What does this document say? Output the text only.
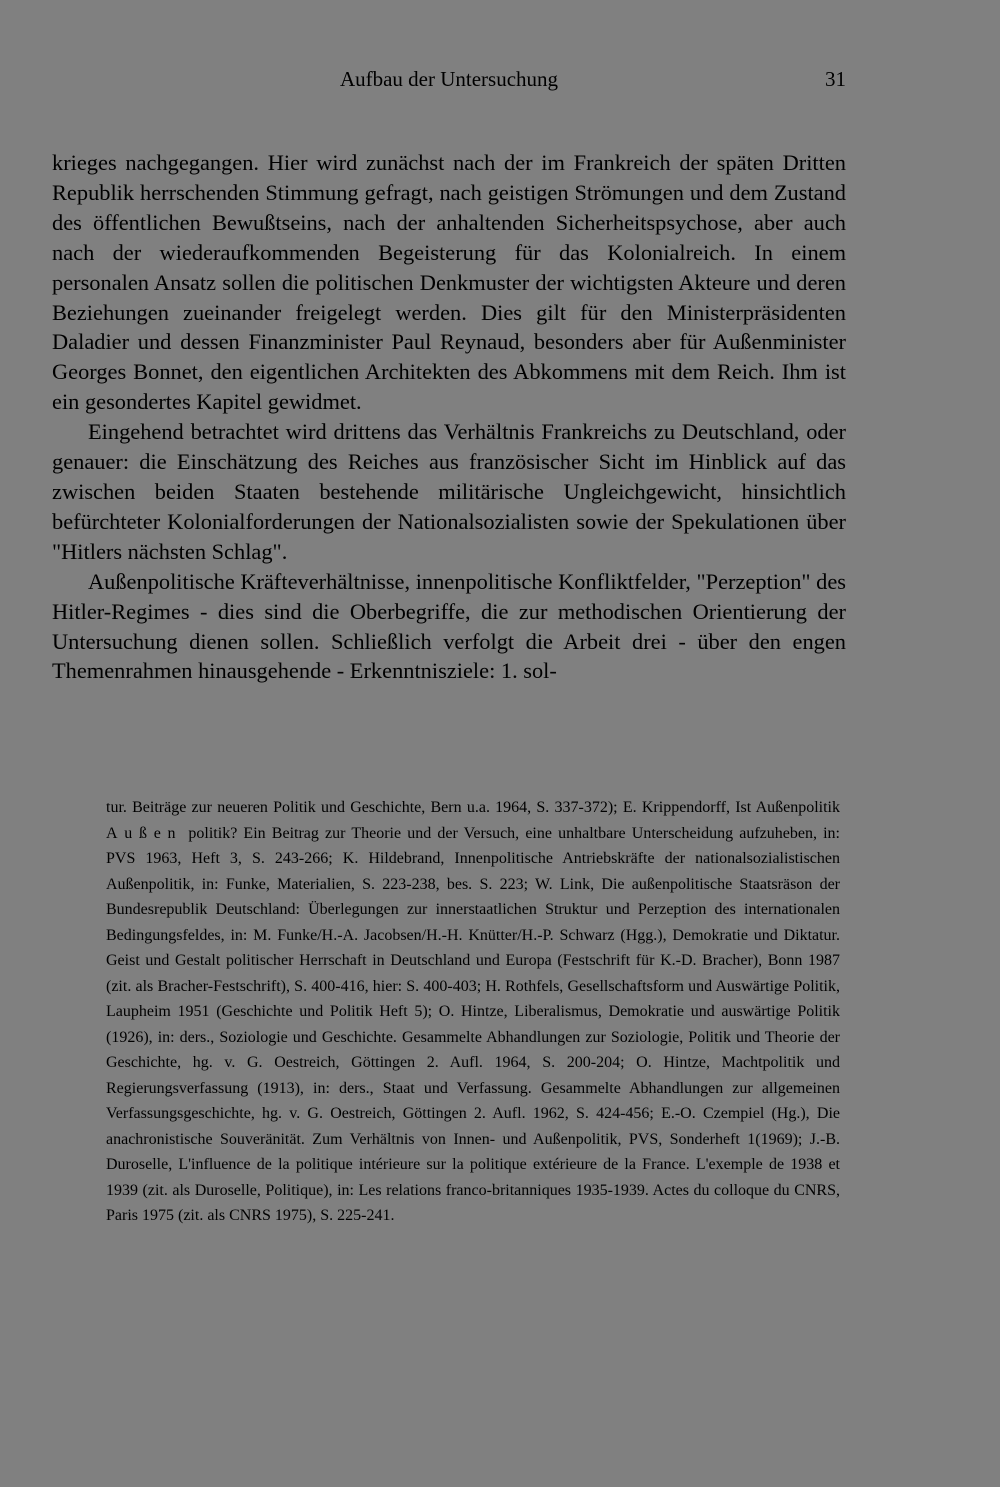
Aufbau der Untersuchung	31

krieges nachgegangen. Hier wird zunächst nach der im Frankreich der späten Dritten Republik herrschenden Stimmung gefragt, nach geistigen Strömungen und dem Zustand des öffentlichen Bewußtseins, nach der anhaltenden Sicherheitspsychose, aber auch nach der wiederaufkommenden Begeisterung für das Kolonialreich. In einem personalen Ansatz sollen die politischen Denkmuster der wichtigsten Akteure und deren Beziehungen zueinander freigelegt werden. Dies gilt für den Ministerpräsidenten Daladier und dessen Finanzminister Paul Reynaud, besonders aber für Außenminister Georges Bonnet, den eigentlichen Architekten des Abkommens mit dem Reich. Ihm ist ein gesondertes Kapitel gewidmet.

Eingehend betrachtet wird drittens das Verhältnis Frankreichs zu Deutschland, oder genauer: die Einschätzung des Reiches aus französischer Sicht im Hinblick auf das zwischen beiden Staaten bestehende militärische Ungleichgewicht, hinsichtlich befürchteter Kolonialforderungen der Nationalsozialisten sowie der Spekulationen über "Hitlers nächsten Schlag".

Außenpolitische Kräfteverhältnisse, innenpolitische Konfliktfelder, "Perzeption" des Hitler-Regimes - dies sind die Oberbegriffe, die zur methodischen Orientierung der Untersuchung dienen sollen. Schließlich verfolgt die Arbeit drei - über den engen Themenrahmen hinausgehende - Erkenntnisziele: 1. sol-

tur. Beiträge zur neueren Politik und Geschichte, Bern u.a. 1964, S. 337-372); E. Krippendorff, Ist Außenpolitik Außen politik? Ein Beitrag zur Theorie und der Versuch, eine unhaltbare Unterscheidung aufzuheben, in: PVS 1963, Heft 3, S. 243-266; K. Hildebrand, Innenpolitische Antriebskräfte der nationalsozialistischen Außenpolitik, in: Funke, Materialien, S. 223-238, bes. S. 223; W. Link, Die außenpolitische Staatsräson der Bundesrepublik Deutschland: Überlegungen zur innerstaatlichen Struktur und Perzeption des internationalen Bedingungsfeldes, in: M. Funke/H.-A. Jacobsen/H.-H. Knütter/H.-P. Schwarz (Hgg.), Demokratie und Diktatur. Geist und Gestalt politischer Herrschaft in Deutschland und Europa (Festschrift für K.-D. Bracher), Bonn 1987 (zit. als Bracher-Festschrift), S. 400-416, hier: S. 400-403; H. Rothfels, Gesellschaftsform und Auswärtige Politik, Laupheim 1951 (Geschichte und Politik Heft 5); O. Hintze, Liberalismus, Demokratie und auswärtige Politik (1926), in: ders., Soziologie und Geschichte. Gesammelte Abhandlungen zur Soziologie, Politik und Theorie der Geschichte, hg. v. G. Oestreich, Göttingen 2. Aufl. 1964, S. 200-204; O. Hintze, Machtpolitik und Regierungsverfassung (1913), in: ders., Staat und Verfassung. Gesammelte Abhandlungen zur allgemeinen Verfassungsgeschichte, hg. v. G. Oestreich, Göttingen 2. Aufl. 1962, S. 424-456; E.-O. Czempiel (Hg.), Die anachronistische Souveränität. Zum Verhältnis von Innen- und Außenpolitik, PVS, Sonderheft 1(1969); J.-B. Duroselle, L'influence de la politique intérieure sur la politique extérieure de la France. L'exemple de 1938 et 1939 (zit. als Duroselle, Politique), in: Les relations franco-britanniques 1935-1939. Actes du colloque du CNRS, Paris 1975 (zit. als CNRS 1975), S. 225-241.
